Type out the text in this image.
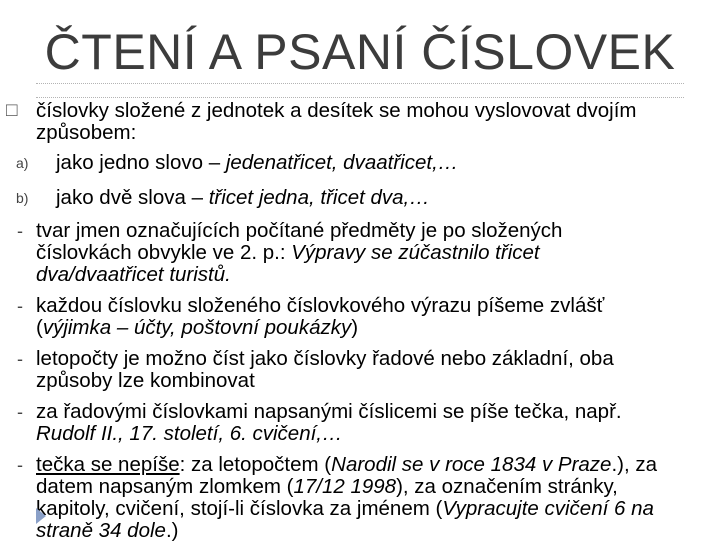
ČTENÍ A PSANÍ ČÍSLOVEK
□ číslovky složené z jednotek a desítek se mohou vyslovovat dvojím
způsobem:
a) jako jedno slovo – jedenatřicet, dvaatřicet,…
b) jako dvě slova – třicet jedna, třicet dva,…
- tvar jmen označujících počítané předměty je po složených
číslovkách obvykle ve 2. p.: Výpravy se zúčastnilo třicet
dva/dvaatřicet turistů.
- každou číslovku složeného číslovkového výrazu píšeme zvlášť
(výjimka – účty, poštovní poukázky)
- letopočty je možno číst jako číslovky řadové nebo základní, oba
způsoby lze kombinovat
- za řadovými číslovkami napsanými číslicemi se píše tečka, např.
Rudolf II., 17. století, 6. cvičení,…
- tečka se nepíše: za letopočtem (Narodil se v roce 1834 v Praze.), za
datem napsaným zlomkem (17/12 1998), za označením stránky,
kapitoly, cvičení, stojí-li číslovka za jménem (Vypracujte cvičení 6 na
straně 34 dole.)
